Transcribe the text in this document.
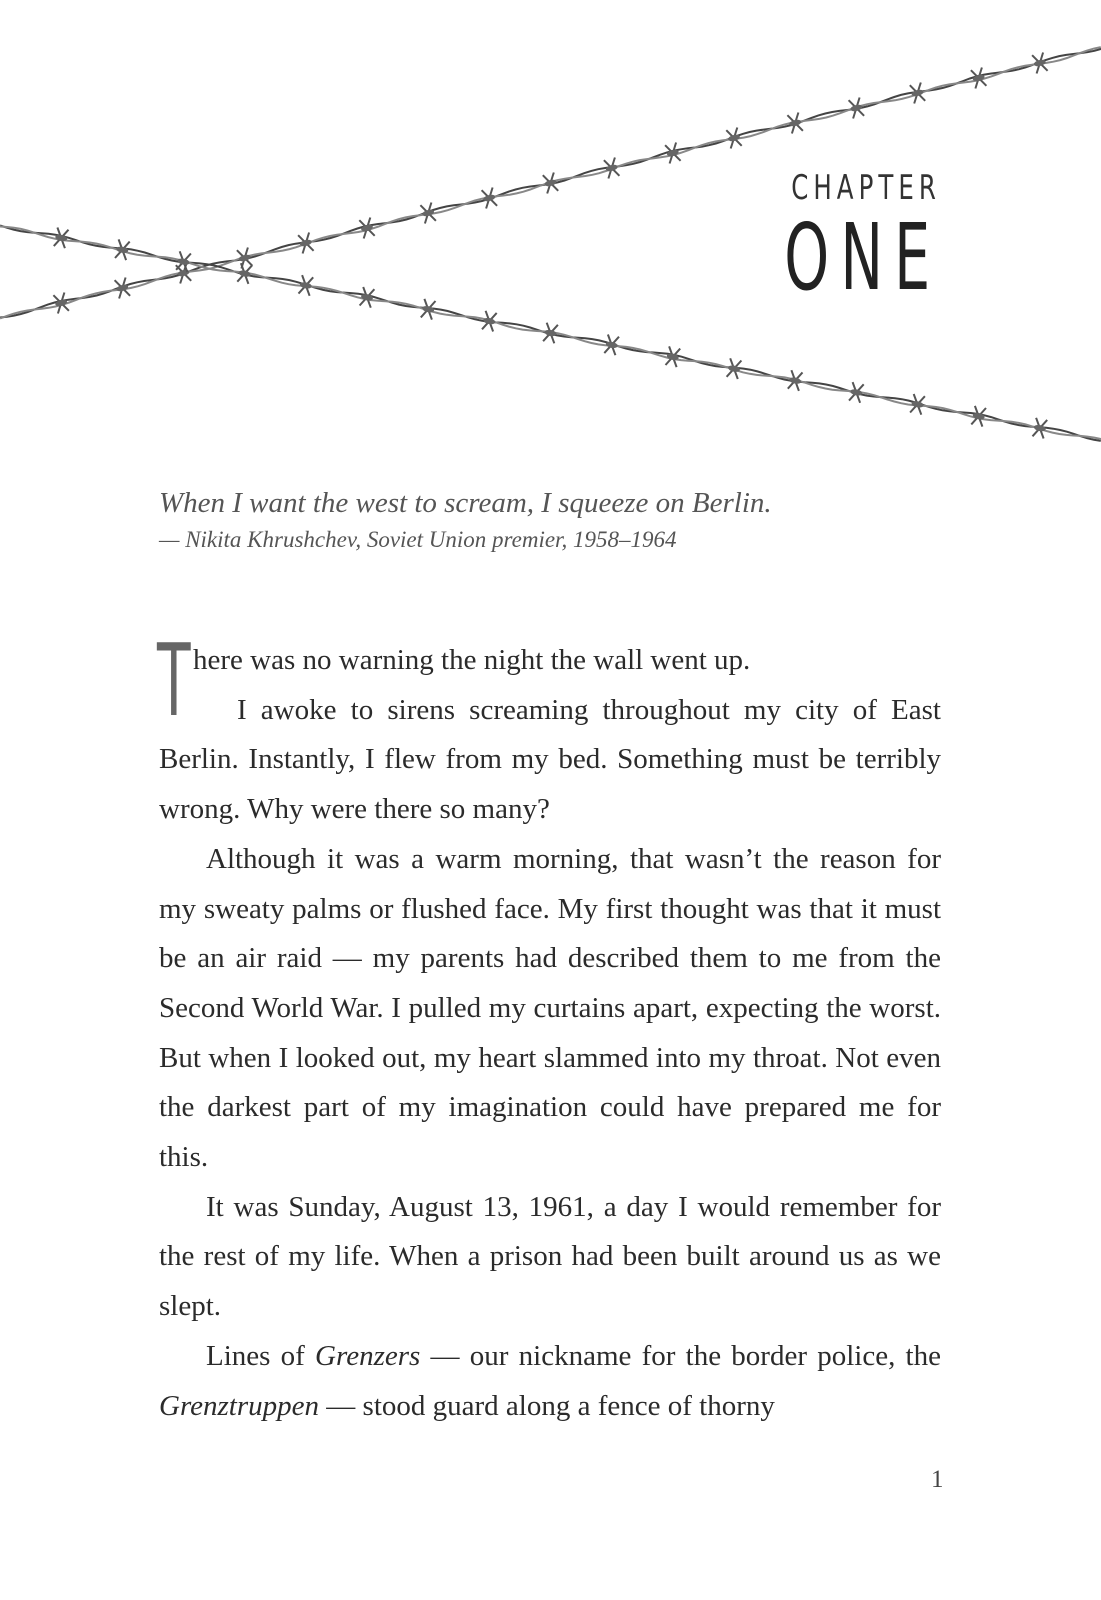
CHAPTER
ONE
When I want the west to scream, I squeeze on Berlin.
— Nikita Khrushchev, Soviet Union premier, 1958–1964

There was no warning the night the wall went up.

I awoke to sirens screaming throughout my city of East Berlin. Instantly, I flew from my bed. Something must be terribly wrong. Why were there so many?

Although it was a warm morning, that wasn’t the reason for my sweaty palms or flushed face. My first thought was that it must be an air raid — my parents had described them to me from the Second World War. I pulled my curtains apart, expecting the worst. But when I looked out, my heart slammed into my throat. Not even the darkest part of my imagination could have prepared me for this.

It was Sunday, August 13, 1961, a day I would remember for the rest of my life. When a prison had been built around us as we slept.

Lines of Grenzers — our nickname for the border police, the Grenztruppen — stood guard along a fence of thorny

1
